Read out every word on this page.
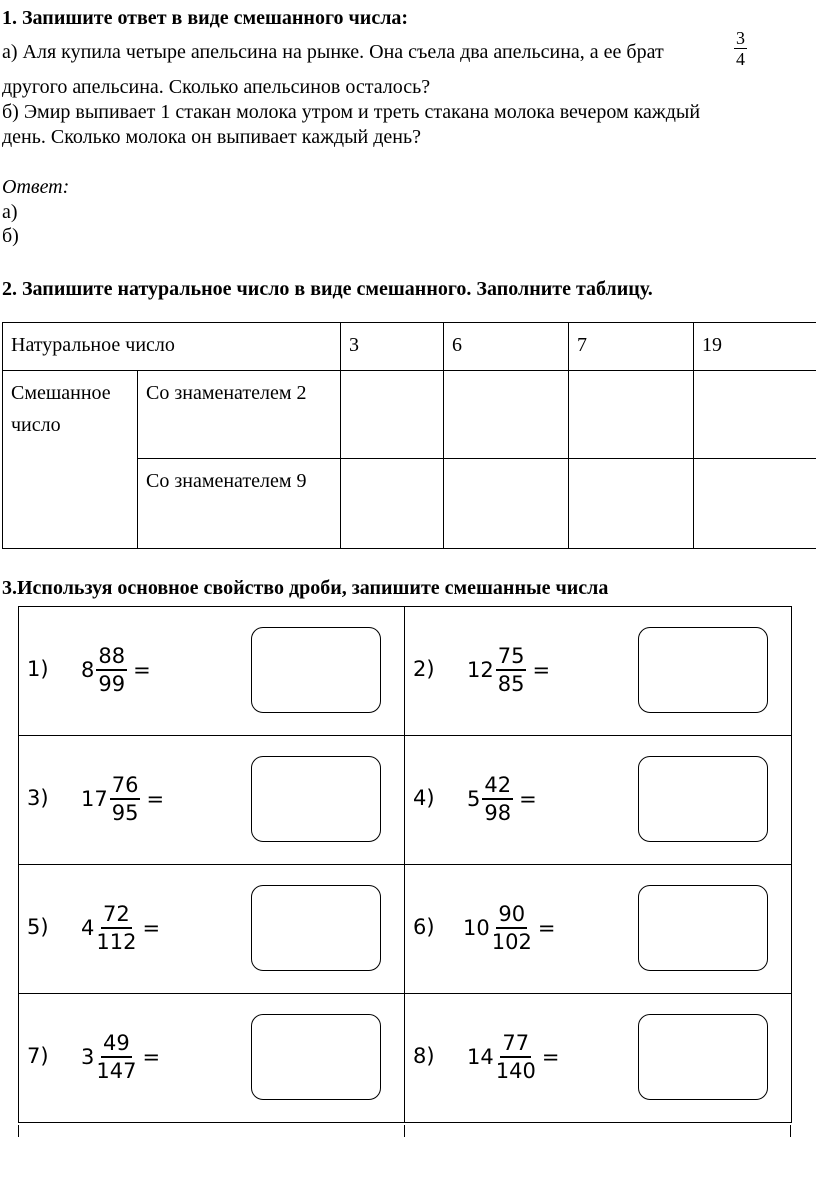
1. Запишите ответ в виде смешанного числа:
а) Аля купила четыре апельсина на рынке. Она съела два апельсина, а ее брат	$\frac{3}{4}$
другого апельсина. Сколько апельсинов осталось?
б) Эмир выпивает 1 стакан молока утром и треть стакана молока вечером каждый
день. Сколько молока он выпивает каждый день?
Ответ:
а)
б)
2. Запишите натуральное число в виде смешанного. Заполните таблицу.
Натуральное число		3	6	7	19

Смешанное
число	Со знаменателем 2				
	Со знаменателем 9				
3.Используя основное свойство дроби, запишите смешанные числа
1) $8 \frac{88}{99}$ =	2) $12 \frac{75}{85}$ =

3) $17 \frac{76}{95}$ =	4) $5 \frac{42}{98}$ =

5) $4 \frac{72}{112}$ =	6) $10 \frac{90}{102}$ =

7) $3 \frac{49}{147}$ =	8) $14 \frac{77}{140}$ =
